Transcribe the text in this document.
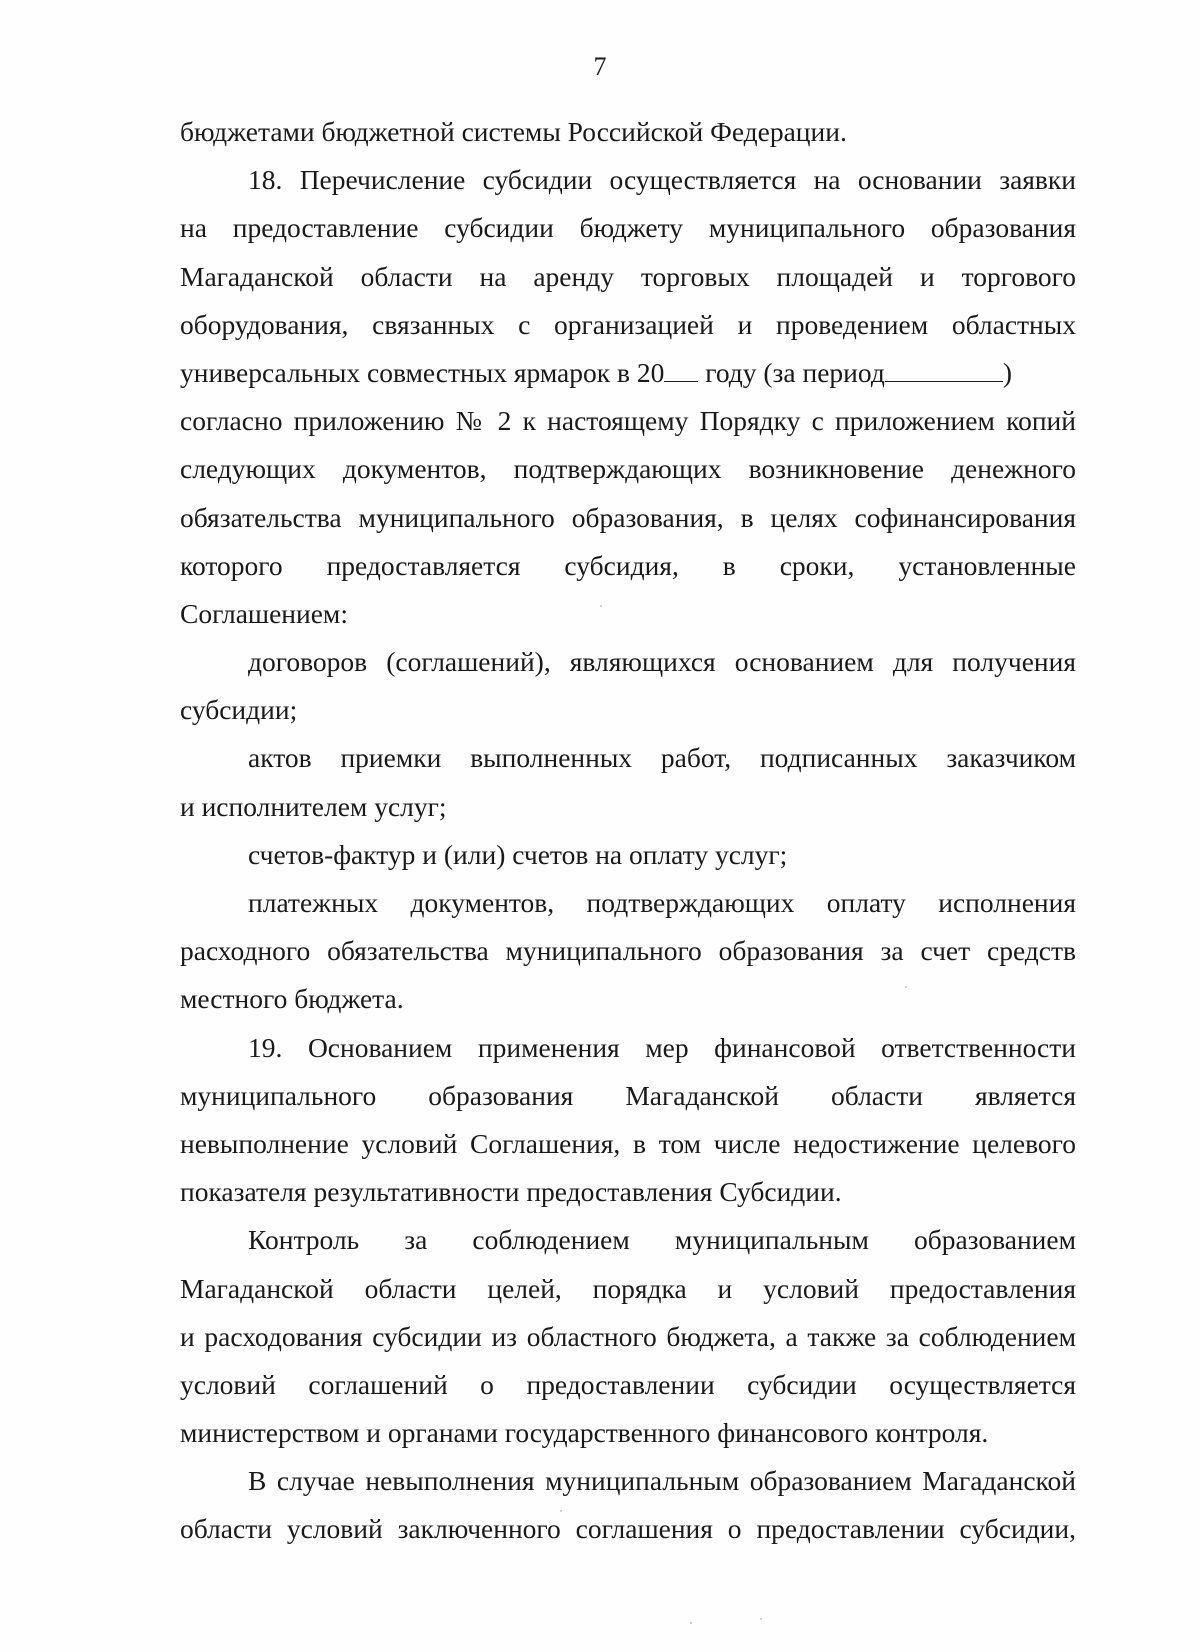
7
бюджетами бюджетной системы Российской Федерации.
18. Перечисление субсидии осуществляется на основании заявки
на предоставление субсидии бюджету муниципального образования
Магаданской области на аренду торговых площадей и торгового
оборудования, связанных с организацией и проведением областных
универсальных совместных ярмарок в 20 году (за период	)
согласно приложению № 2 к настоящему Порядку с приложением копий
следующих документов, подтверждающих возникновение денежного
обязательства муниципального образования, в целях софинансирования
которого предоставляется субсидия, в сроки, установленные
Соглашением:
договоров (соглашений), являющихся основанием для получения
субсидии;
актов приемки выполненных работ, подписанных заказчиком
и исполнителем услуг;
счетов-фактур и (или) счетов на оплату услуг;
платежных документов, подтверждающих оплату исполнения
расходного обязательства муниципального образования за счет средств
местного бюджета.
19. Основанием применения мер финансовой ответственности
муниципального образования Магаданской области является
невыполнение условий Соглашения, в том числе недостижение целевого
показателя результативности предоставления Субсидии.
Контроль за соблюдением муниципальным образованием
Магаданской области целей, порядка и условий предоставления
и расходования субсидии из областного бюджета, а также за соблюдением
условий соглашений о предоставлении субсидии осуществляется
министерством и органами государственного финансового контроля.
В случае невыполнения муниципальным образованием Магаданской
области условий заключенного соглашения о предоставлении субсидии,
